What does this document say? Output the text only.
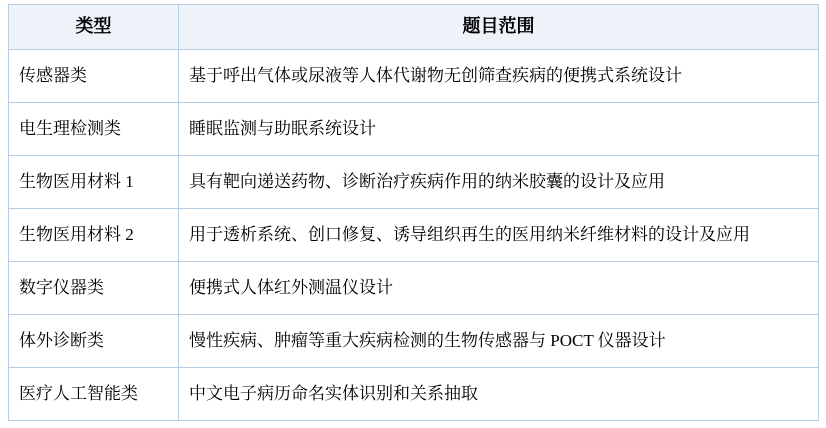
类型	题目范围
传感器类	基于呼出气体或尿液等人体代谢物无创筛查疾病的便携式系统设计
电生理检测类	睡眠监测与助眠系统设计
生物医用材料 1	具有靶向递送药物、诊断治疗疾病作用的纳米胶囊的设计及应用
生物医用材料 2	用于透析系统、创口修复、诱导组织再生的医用纳米纤维材料的设计及应用
数字仪器类	便携式人体红外测温仪设计
体外诊断类	慢性疾病、肿瘤等重大疾病检测的生物传感器与 POCT 仪器设计
医疗人工智能类	中文电子病历命名实体识别和关系抽取
